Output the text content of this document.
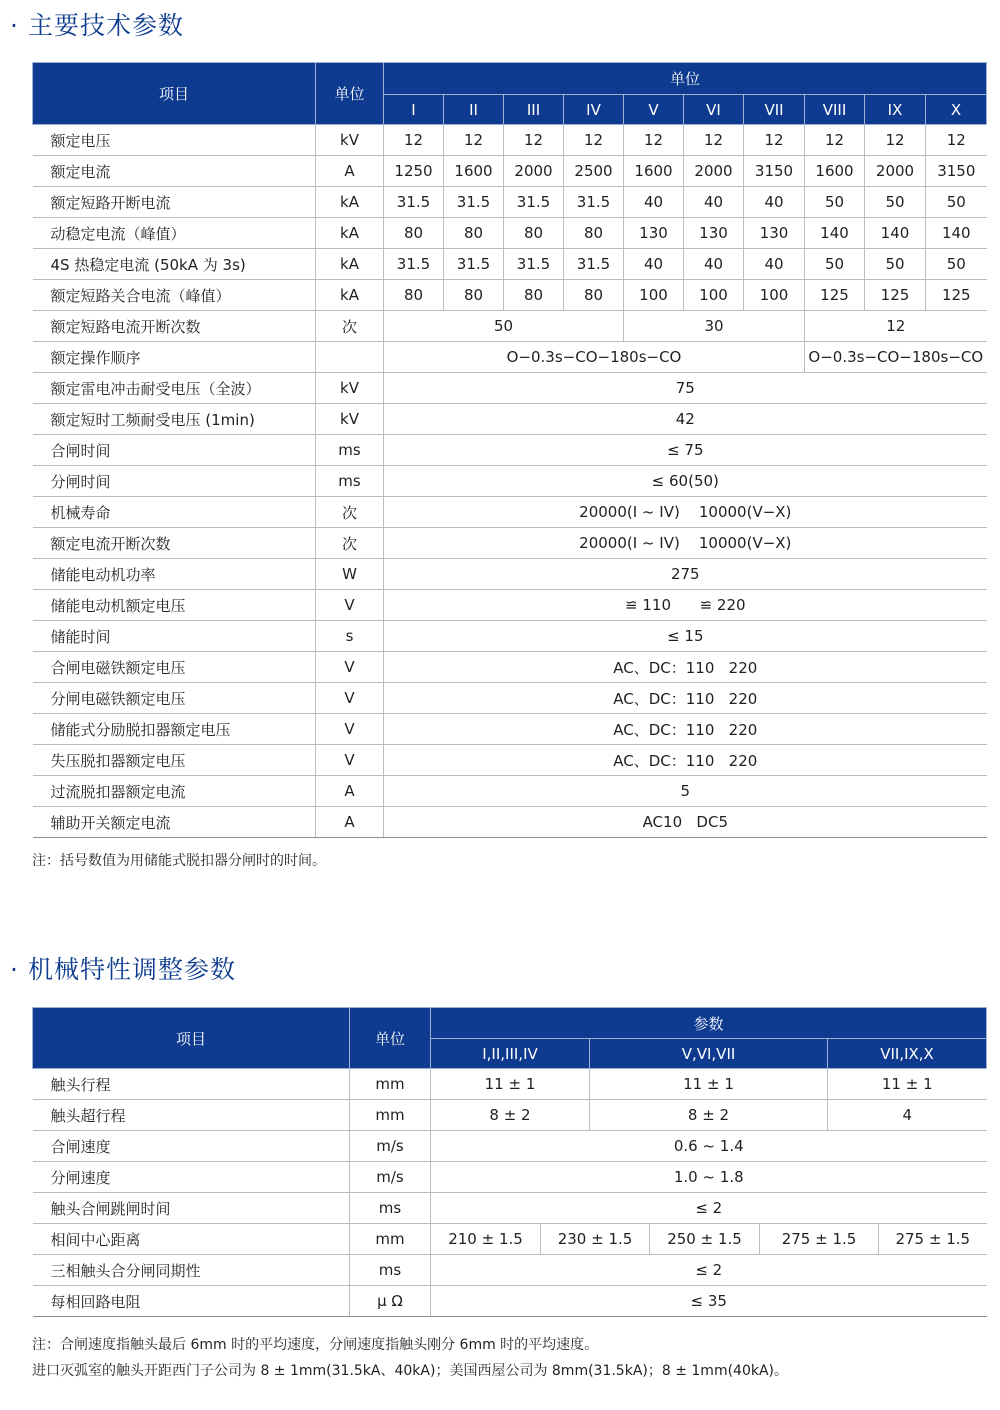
· 主要技术参数
项目	单位	单位									
		I	II	III	IV	V	VI	VII	VIII	IX	X
额定电压	kV	12	12	12	12	12	12	12	12	12	12
额定电流	A	1250	1600	2000	2500	1600	2000	3150	1600	2000	3150
额定短路开断电流	kA	31.5	31.5	31.5	31.5	40	40	40	50	50	50
动稳定电流（峰值）	kA	80	80	80	80	130	130	130	140	140	140
4S 热稳定电流 (50kA 为 3s)	kA	31.5	31.5	31.5	31.5	40	40	40	50	50	50
额定短路关合电流（峰值）	kA	80	80	80	80	100	100	100	125	125	125
额定短路电流开断次数	次	50				30			12		
额定操作顺序		O−0.3s−CO−180s−CO							O−0.3s−CO−180s−CO		
额定雷电冲击耐受电压（全波）	kV	75									
额定短时工频耐受电压 (1min)	kV	42									
合闸时间	ms	≤ 75									
分闸时间	ms	≤ 60(50)									
机械寿命	次	20000(I ~ IV)    10000(V−X)									
额定电流开断次数	次	20000(I ~ IV)    10000(V−X)									
储能电动机功率	W	275									
储能电动机额定电压	V	≌ 110      ≌ 220									
储能时间	s	≤ 15									
合闸电磁铁额定电压	V	AC、DC：110   220									
分闸电磁铁额定电压	V	AC、DC：110   220									
储能式分励脱扣器额定电压	V	AC、DC：110   220									
失压脱扣器额定电压	V	AC、DC：110   220									
过流脱扣器额定电流	A	5									
辅助开关额定电流	A	AC10   DC5									

注：括号数值为用储能式脱扣器分闸时的时间。

· 机械特性调整参数
项目	单位	参数						
		I,II,III,IV		V,VI,VII			VII,IX,X	
触头行程	mm	11 ± 1		11 ± 1			11 ± 1	
触头超行程	mm	8 ± 2		8 ± 2			4	
合闸速度	m/s	0.6 ~ 1.4						
分闸速度	m/s	1.0 ~ 1.8						
触头合闸跳闸时间	ms	≤ 2						
相间中心距离	mm	210 ± 1.5	230 ± 1.5		250 ± 1.5	275 ± 1.5		275 ± 1.5
三相触头合分闸同期性	ms	≤ 2						
每相回路电阻	μ Ω	≤ 35						

注：合闸速度指触头最后 6mm 时的平均速度，分闸速度指触头刚分 6mm 时的平均速度。

进口灭弧室的触头开距西门子公司为 8 ± 1mm(31.5kA、40kA)；美国西屋公司为 8mm(31.5kA)；8 ± 1mm(40kA)。
